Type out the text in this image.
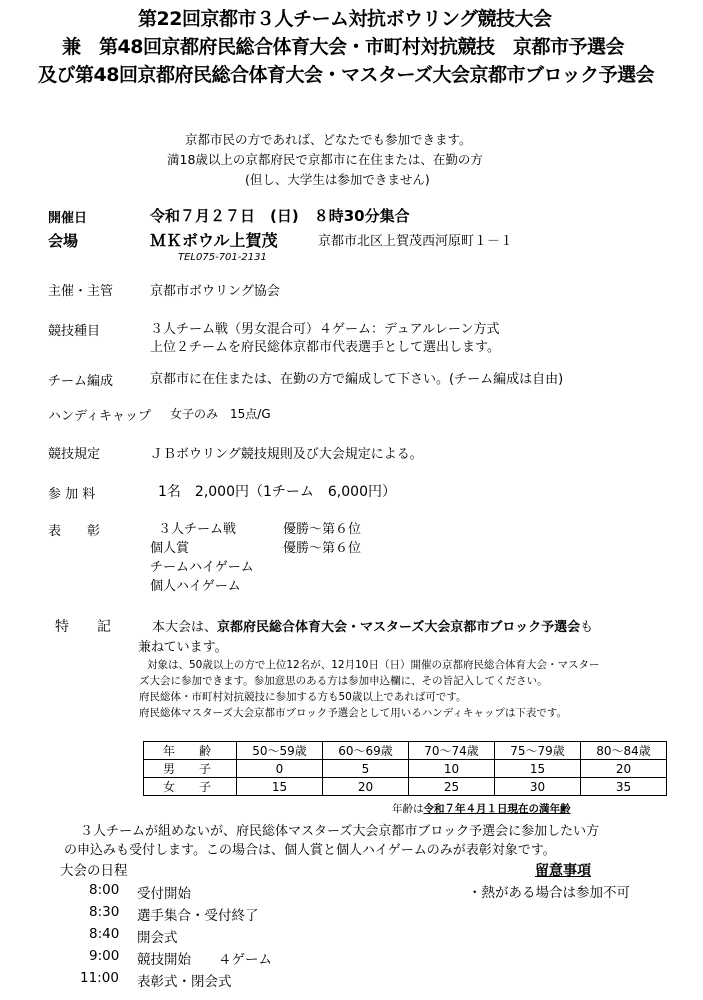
第22回京都市３人チーム対抗ボウリング競技大会
兼　第48回京都府民総合体育大会・市町村対抗競技　京都市予選会
及び第48回京都府民総合体育大会・マスターズ大会京都市ブロック予選会
京都市民の方であれば、どなたでも参加できます。
満18歳以上の京都府民で京都市に在住または、在勤の方
(但し、大学生は参加できません)
開催日	令和７月２７日　(日)　８時30分集合
会場	ＭＫボウル上賀茂	京都市北区上賀茂西河原町１－１
TEL075-701-2131
主催・主管	京都市ボウリング協会
競技種目	３人チーム戦（男女混合可）４ゲーム：デュアルレーン方式
上位２チームを府民総体京都市代表選手として選出します。
チーム編成	京都市に在住または、在勤の方で編成して下さい。(チーム編成は自由)
ハンディキャップ 女子のみ　15点/G
競技規定	ＪＢボウリング競技規則及び大会規定による。
参 加 料	1名　2,000円（1チーム　6,000円）
表　　彰	３人チーム戦	優勝～第６位
個人賞	優勝～第６位
チームハイゲーム
個人ハイゲーム
特　　記	本大会は、京都府民総合体育大会・マスターズ大会京都市ブロック予選会も
兼ねています。
対象は、50歳以上の方で上位12名が、12月10日（日）開催の京都府民総合体育大会・マスター
ズ大会に参加できます。参加意思のある方は参加申込欄に、その旨記入してください。
府民総体・市町村対抗競技に参加する方も50歳以上であれば可です。
府民総体マスターズ大会京都市ブロック予選会として用いるハンディキャップは下表です。
年　齢	50～59歳	60～69歳	70～74歳	75～79歳	80～84歳
男　子	0	5	10	15	20
女　子	15	20	25	30	35
年齢は令和７年４月１日現在の満年齢
３人チームが組めないが、府民総体マスターズ大会京都市ブロック予選会に参加したい方
の申込みも受付します。この場合は、個人賞と個人ハイゲームのみが表彰対象です。
大会の日程
8:00 受付開始
8:30 選手集合・受付終了
8:40 開会式
9:00 競技開始　　４ゲーム
11:00 表彰式・閉会式
留意事項
・熱がある場合は参加不可
